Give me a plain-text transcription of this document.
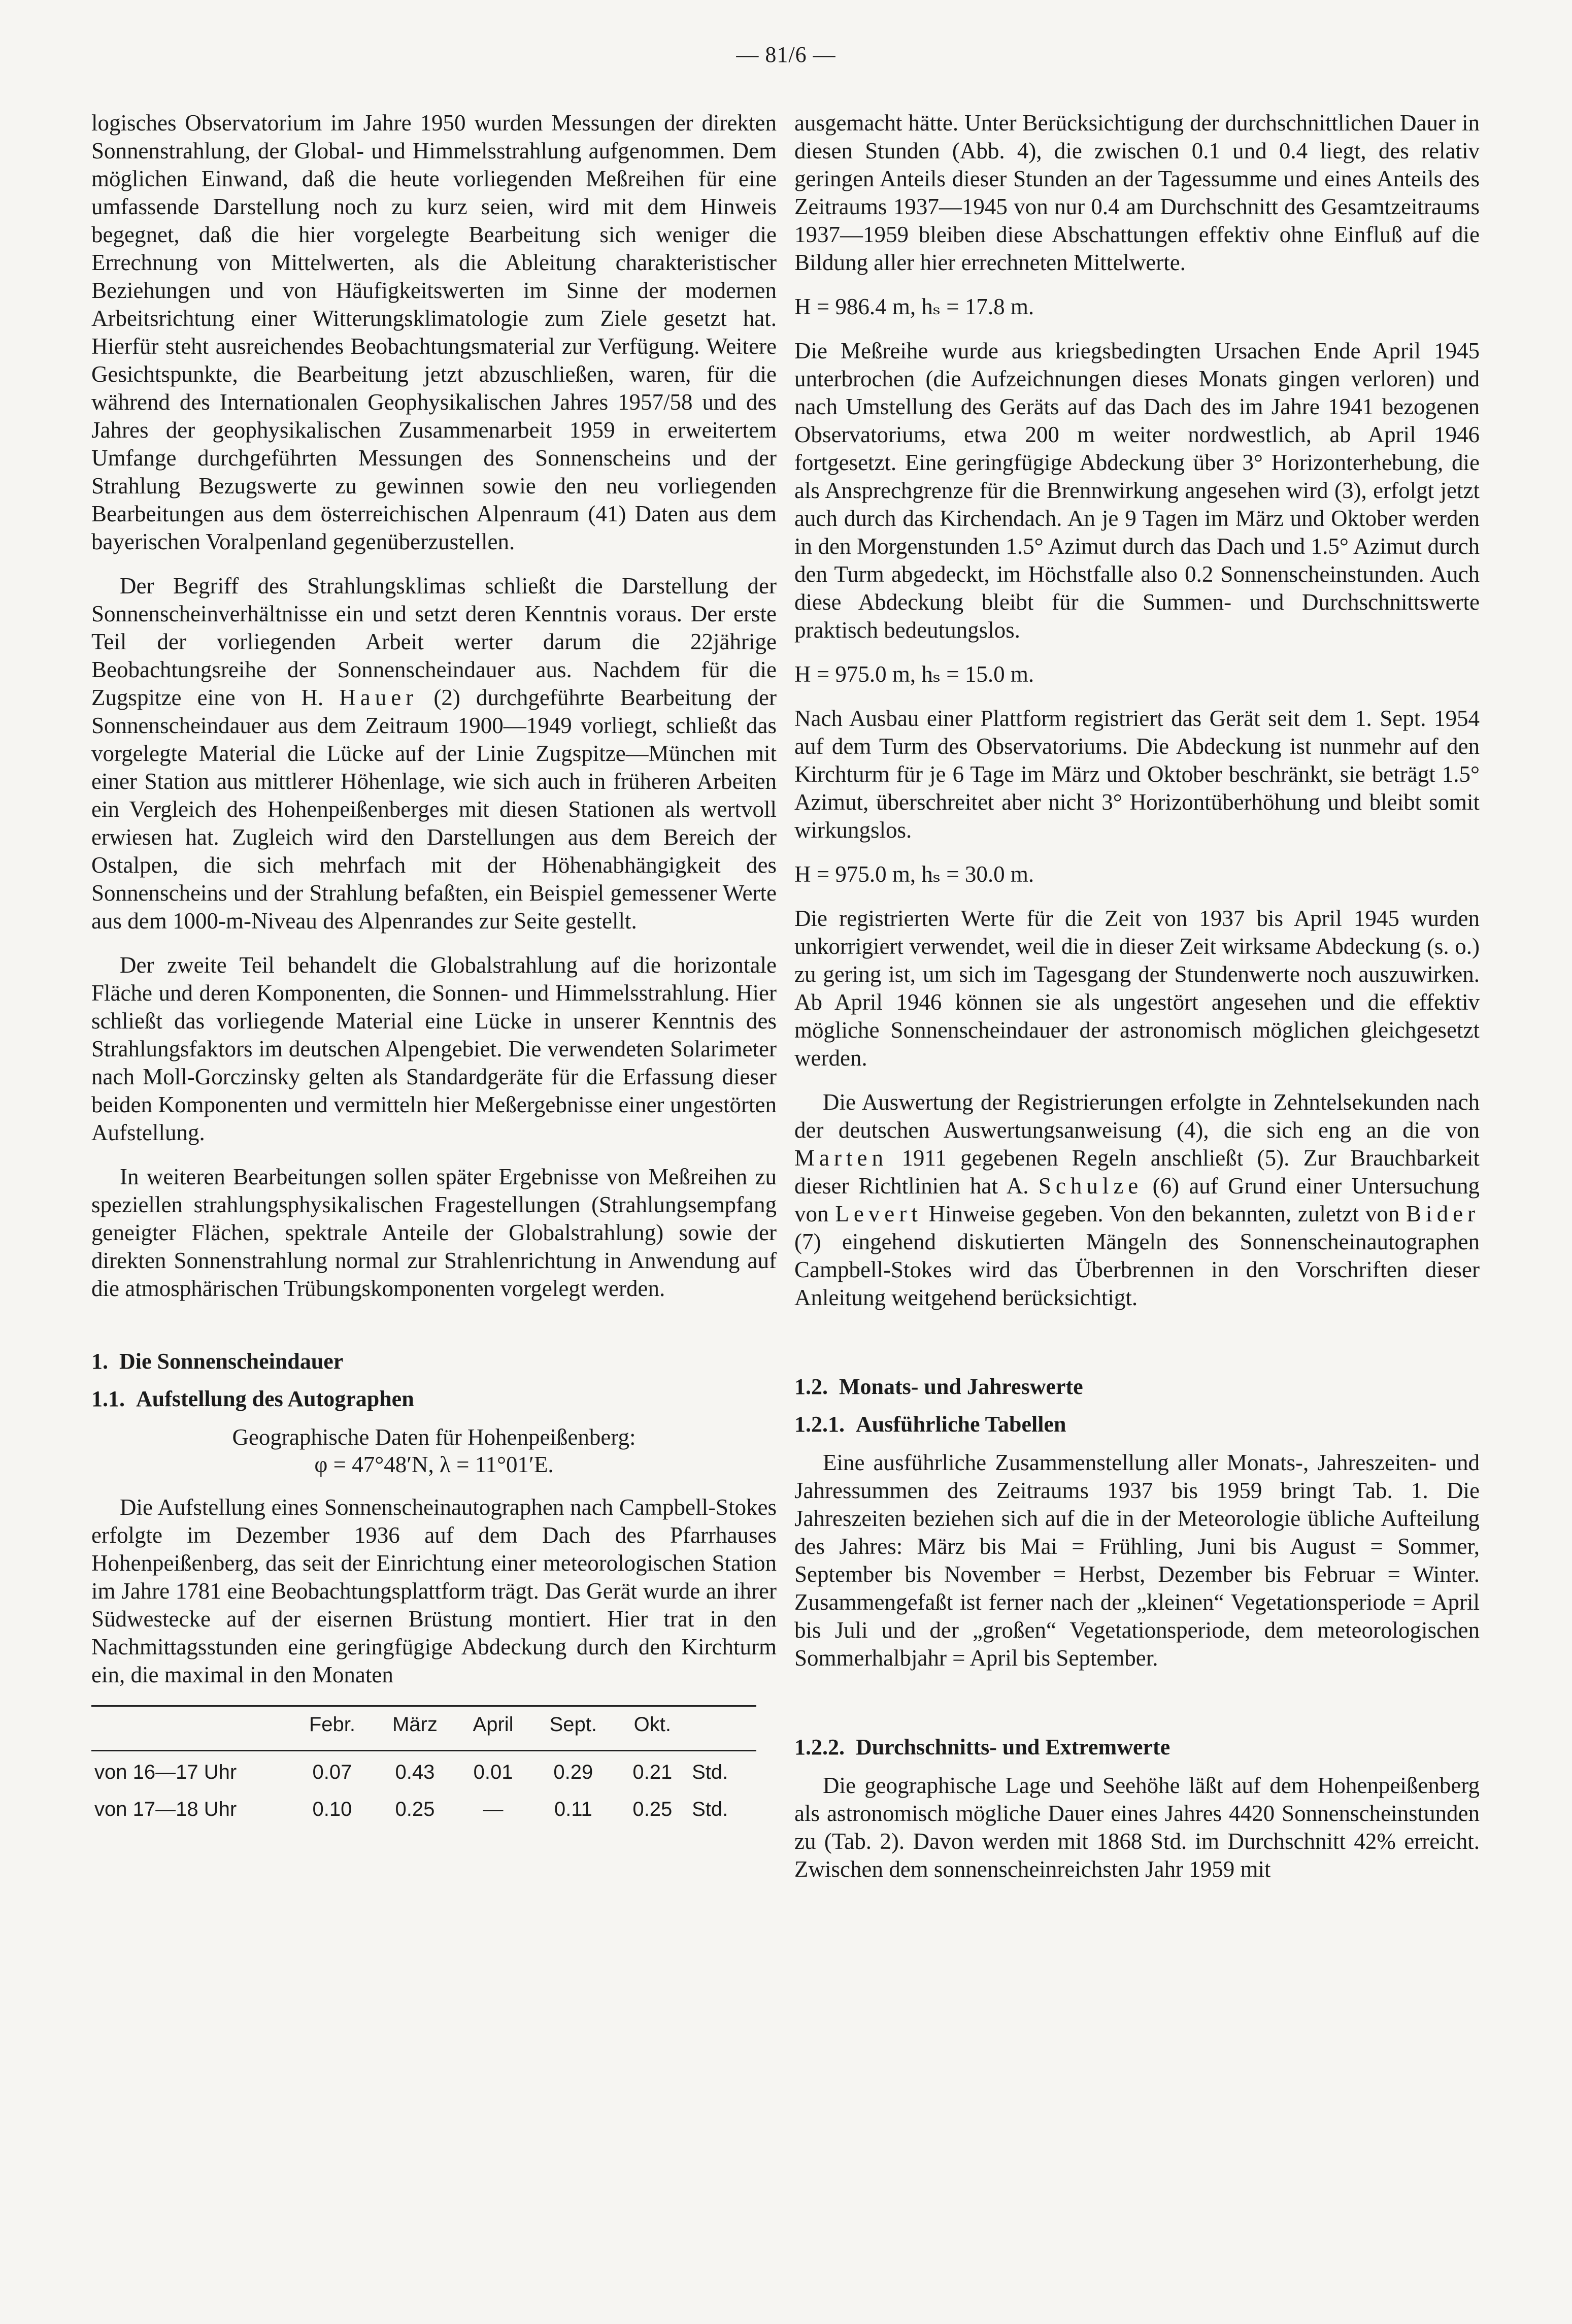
— 81/6 —

logisches Observatorium im Jahre 1950 wurden Messungen der direkten Sonnenstrahlung, der Global- und Himmelsstrahlung aufgenommen. Dem möglichen Einwand, daß die heute vorliegenden Meßreihen für eine umfassende Darstellung noch zu kurz seien, wird mit dem Hinweis begegnet, daß die hier vorgelegte Bearbeitung sich weniger die Errechnung von Mittelwerten, als die Ableitung charakteristischer Beziehungen und von Häufigkeitswerten im Sinne der modernen Arbeitsrichtung einer Witterungsklimatologie zum Ziele gesetzt hat. Hierfür steht ausreichendes Beobachtungsmaterial zur Verfügung. Weitere Gesichtspunkte, die Bearbeitung jetzt abzuschließen, waren, für die während des Internationalen Geophysikalischen Jahres 1957/58 und des Jahres der geophysikalischen Zusammenarbeit 1959 in erweitertem Umfange durchgeführten Messungen des Sonnenscheins und der Strahlung Bezugswerte zu gewinnen sowie den neu vorliegenden Bearbeitungen aus dem österreichischen Alpenraum (41) Daten aus dem bayerischen Voralpenland gegenüberzustellen.

Der Begriff des Strahlungsklimas schließt die Darstellung der Sonnenscheinverhältnisse ein und setzt deren Kenntnis voraus. Der erste Teil der vorliegenden Arbeit werter darum die 22jährige Beobachtungsreihe der Sonnenscheindauer aus. Nachdem für die Zugspitze eine von H. Hauer (2) durchgeführte Bearbeitung der Sonnenscheindauer aus dem Zeitraum 1900—1949 vorliegt, schließt das vorgelegte Material die Lücke auf der Linie Zugspitze—München mit einer Station aus mittlerer Höhenlage, wie sich auch in früheren Arbeiten ein Vergleich des Hohenpeißenberges mit diesen Stationen als wertvoll erwiesen hat. Zugleich wird den Darstellungen aus dem Bereich der Ostalpen, die sich mehrfach mit der Höhenabhängigkeit des Sonnenscheins und der Strahlung befaßten, ein Beispiel gemessener Werte aus dem 1000-m-Niveau des Alpenrandes zur Seite gestellt.

Der zweite Teil behandelt die Globalstrahlung auf die horizontale Fläche und deren Komponenten, die Sonnen- und Himmelsstrahlung. Hier schließt das vorliegende Material eine Lücke in unserer Kenntnis des Strahlungsfaktors im deutschen Alpengebiet. Die verwendeten Solarimeter nach Moll-Gorczinsky gelten als Standardgeräte für die Erfassung dieser beiden Komponenten und vermitteln hier Meßergebnisse einer ungestörten Aufstellung.

In weiteren Bearbeitungen sollen später Ergebnisse von Meßreihen zu speziellen strahlungsphysikalischen Fragestellungen (Strahlungsempfang geneigter Flächen, spektrale Anteile der Globalstrahlung) sowie der direkten Sonnenstrahlung normal zur Strahlenrichtung in Anwendung auf die atmosphärischen Trübungskomponenten vorgelegt werden.

1. Die Sonnenscheindauer
1.1. Aufstellung des Autographen
Geographische Daten für Hohenpeißenberg:
φ = 47°48′N, λ = 11°01′E.

Die Aufstellung eines Sonnenscheinautographen nach Campbell-Stokes erfolgte im Dezember 1936 auf dem Dach des Pfarrhauses Hohenpeißenberg, das seit der Einrichtung einer meteorologischen Station im Jahre 1781 eine Beobachtungsplattform trägt. Das Gerät wurde an ihrer Südwestecke auf der eisernen Brüstung montiert. Hier trat in den Nachmittagsstunden eine geringfügige Abdeckung durch den Kirchturm ein, die maximal in den Monaten

	Febr.	März	April	Sept.	Okt.	
von 16—17 Uhr	0.07	0.43	0.01	0.29	0.21	Std.
von 17—18 Uhr	0.10	0.25	—	0.11	0.25	Std.

ausgemacht hätte. Unter Berücksichtigung der durchschnittlichen Dauer in diesen Stunden (Abb. 4), die zwischen 0.1 und 0.4 liegt, des relativ geringen Anteils dieser Stunden an der Tagessumme und eines Anteils des Zeitraums 1937—1945 von nur 0.4 am Durchschnitt des Gesamtzeitraums 1937—1959 bleiben diese Abschattungen effektiv ohne Einfluß auf die Bildung aller hier errechneten Mittelwerte.

H = 986.4 m, hₛ = 17.8 m.

Die Meßreihe wurde aus kriegsbedingten Ursachen Ende April 1945 unterbrochen (die Aufzeichnungen dieses Monats gingen verloren) und nach Umstellung des Geräts auf das Dach des im Jahre 1941 bezogenen Observatoriums, etwa 200 m weiter nordwestlich, ab April 1946 fortgesetzt. Eine geringfügige Abdeckung über 3° Horizonterhebung, die als Ansprechgrenze für die Brennwirkung angesehen wird (3), erfolgt jetzt auch durch das Kirchendach. An je 9 Tagen im März und Oktober werden in den Morgenstunden 1.5° Azimut durch das Dach und 1.5° Azimut durch den Turm abgedeckt, im Höchstfalle also 0.2 Sonnenscheinstunden. Auch diese Abdeckung bleibt für die Summen- und Durchschnittswerte praktisch bedeutungslos.

H = 975.0 m, hₛ = 15.0 m.

Nach Ausbau einer Plattform registriert das Gerät seit dem 1. Sept. 1954 auf dem Turm des Observatoriums. Die Abdeckung ist nunmehr auf den Kirchturm für je 6 Tage im März und Oktober beschränkt, sie beträgt 1.5° Azimut, überschreitet aber nicht 3° Horizontüberhöhung und bleibt somit wirkungslos.

H = 975.0 m, hₛ = 30.0 m.

Die registrierten Werte für die Zeit von 1937 bis April 1945 wurden unkorrigiert verwendet, weil die in dieser Zeit wirksame Abdeckung (s. o.) zu gering ist, um sich im Tagesgang der Stundenwerte noch auszuwirken. Ab April 1946 können sie als ungestört angesehen und die effektiv mögliche Sonnenscheindauer der astronomisch möglichen gleichgesetzt werden.

Die Auswertung der Registrierungen erfolgte in Zehntelsekunden nach der deutschen Auswertungsanweisung (4), die sich eng an die von Marten 1911 gegebenen Regeln anschließt (5). Zur Brauchbarkeit dieser Richtlinien hat A. Schulze (6) auf Grund einer Untersuchung von Levert Hinweise gegeben. Von den bekannten, zuletzt von Bider (7) eingehend diskutierten Mängeln des Sonnenscheinautographen Campbell-Stokes wird das Überbrennen in den Vorschriften dieser Anleitung weitgehend berücksichtigt.

1.2. Monats- und Jahreswerte
1.2.1. Ausführliche Tabellen

Eine ausführliche Zusammenstellung aller Monats-, Jahreszeiten- und Jahressummen des Zeitraums 1937 bis 1959 bringt Tab. 1. Die Jahreszeiten beziehen sich auf die in der Meteorologie übliche Aufteilung des Jahres: März bis Mai = Frühling, Juni bis August = Sommer, September bis November = Herbst, Dezember bis Februar = Winter. Zusammengefaßt ist ferner nach der „kleinen“ Vegetationsperiode = April bis Juli und der „großen“ Vegetationsperiode, dem meteorologischen Sommerhalbjahr = April bis September.

1.2.2. Durchschnitts- und Extremwerte

Die geographische Lage und Seehöhe läßt auf dem Hohenpeißenberg als astronomisch mögliche Dauer eines Jahres 4420 Sonnenscheinstunden zu (Tab. 2). Davon werden mit 1868 Std. im Durchschnitt 42% erreicht. Zwischen dem sonnenscheinreichsten Jahr 1959 mit
